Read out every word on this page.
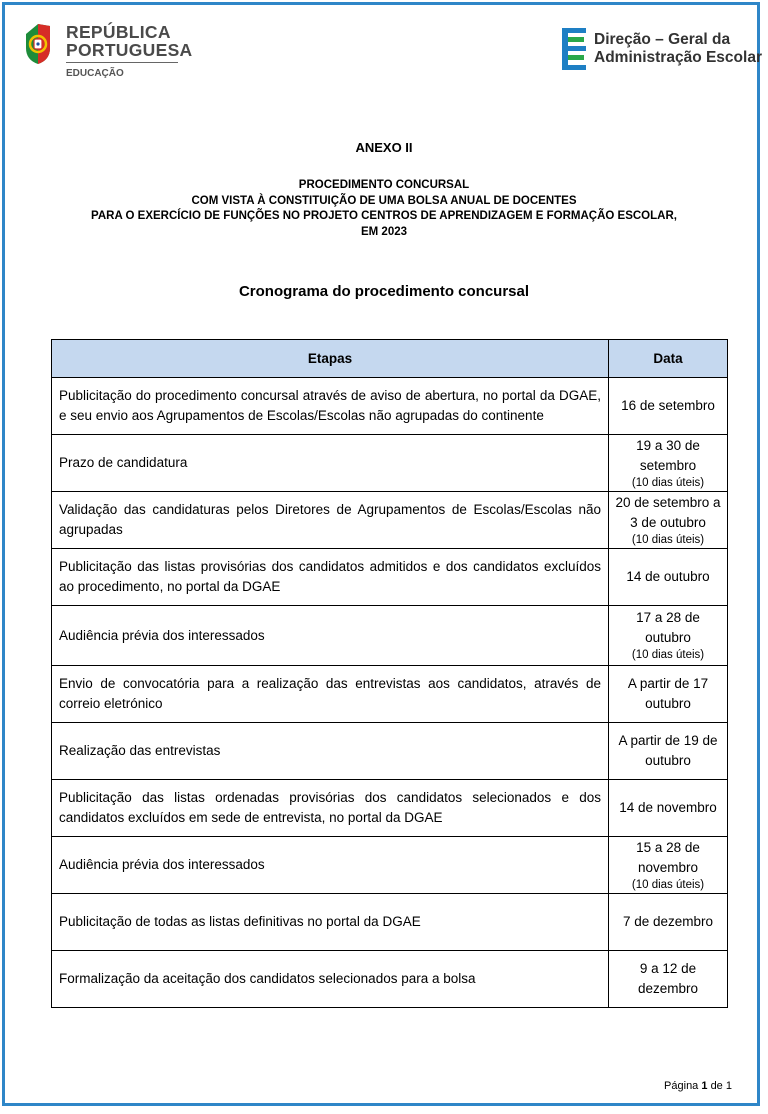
REPÚBLICA
PORTUGUESA
EDUCAÇÃO
Direção – Geral da
Administração Escolar
ANEXO II
PROCEDIMENTO CONCURSAL
COM VISTA À CONSTITUIÇÃO DE UMA BOLSA ANUAL DE DOCENTES
PARA O EXERCÍCIO DE FUNÇÕES NO PROJETO CENTROS DE APRENDIZAGEM E FORMAÇÃO ESCOLAR,
EM 2023
Cronograma do procedimento concursal
Etapas	Data
Publicitação do procedimento concursal através de aviso de abertura, no portal da DGAE, e seu envio aos Agrupamentos de Escolas/Escolas não agrupadas do continente	16 de setembro
Prazo de candidatura	19 a 30 de setembro
(10 dias úteis)

Validação das candidaturas pelos Diretores de Agrupamentos de Escolas/Escolas não agrupadas	20 de setembro a 3 de outubro
(10 dias úteis)

Publicitação das listas provisórias dos candidatos admitidos e dos candidatos excluídos ao procedimento, no portal da DGAE	14 de outubro
Audiência prévia dos interessados	17 a 28 de outubro
(10 dias úteis)

Envio de convocatória para a realização das entrevistas aos candidatos, através de correio eletrónico	A partir de 17 outubro
Realização das entrevistas	A partir de 19 de outubro
Publicitação das listas ordenadas provisórias dos candidatos selecionados e dos candidatos excluídos em sede de entrevista, no portal da DGAE	14 de novembro
Audiência prévia dos interessados	15 a 28 de novembro
(10 dias úteis)

Publicitação de todas as listas definitivas no portal da DGAE	7 de dezembro
Formalização da aceitação dos candidatos selecionados para a bolsa	9 a 12 de dezembro
Página 1 de 1
